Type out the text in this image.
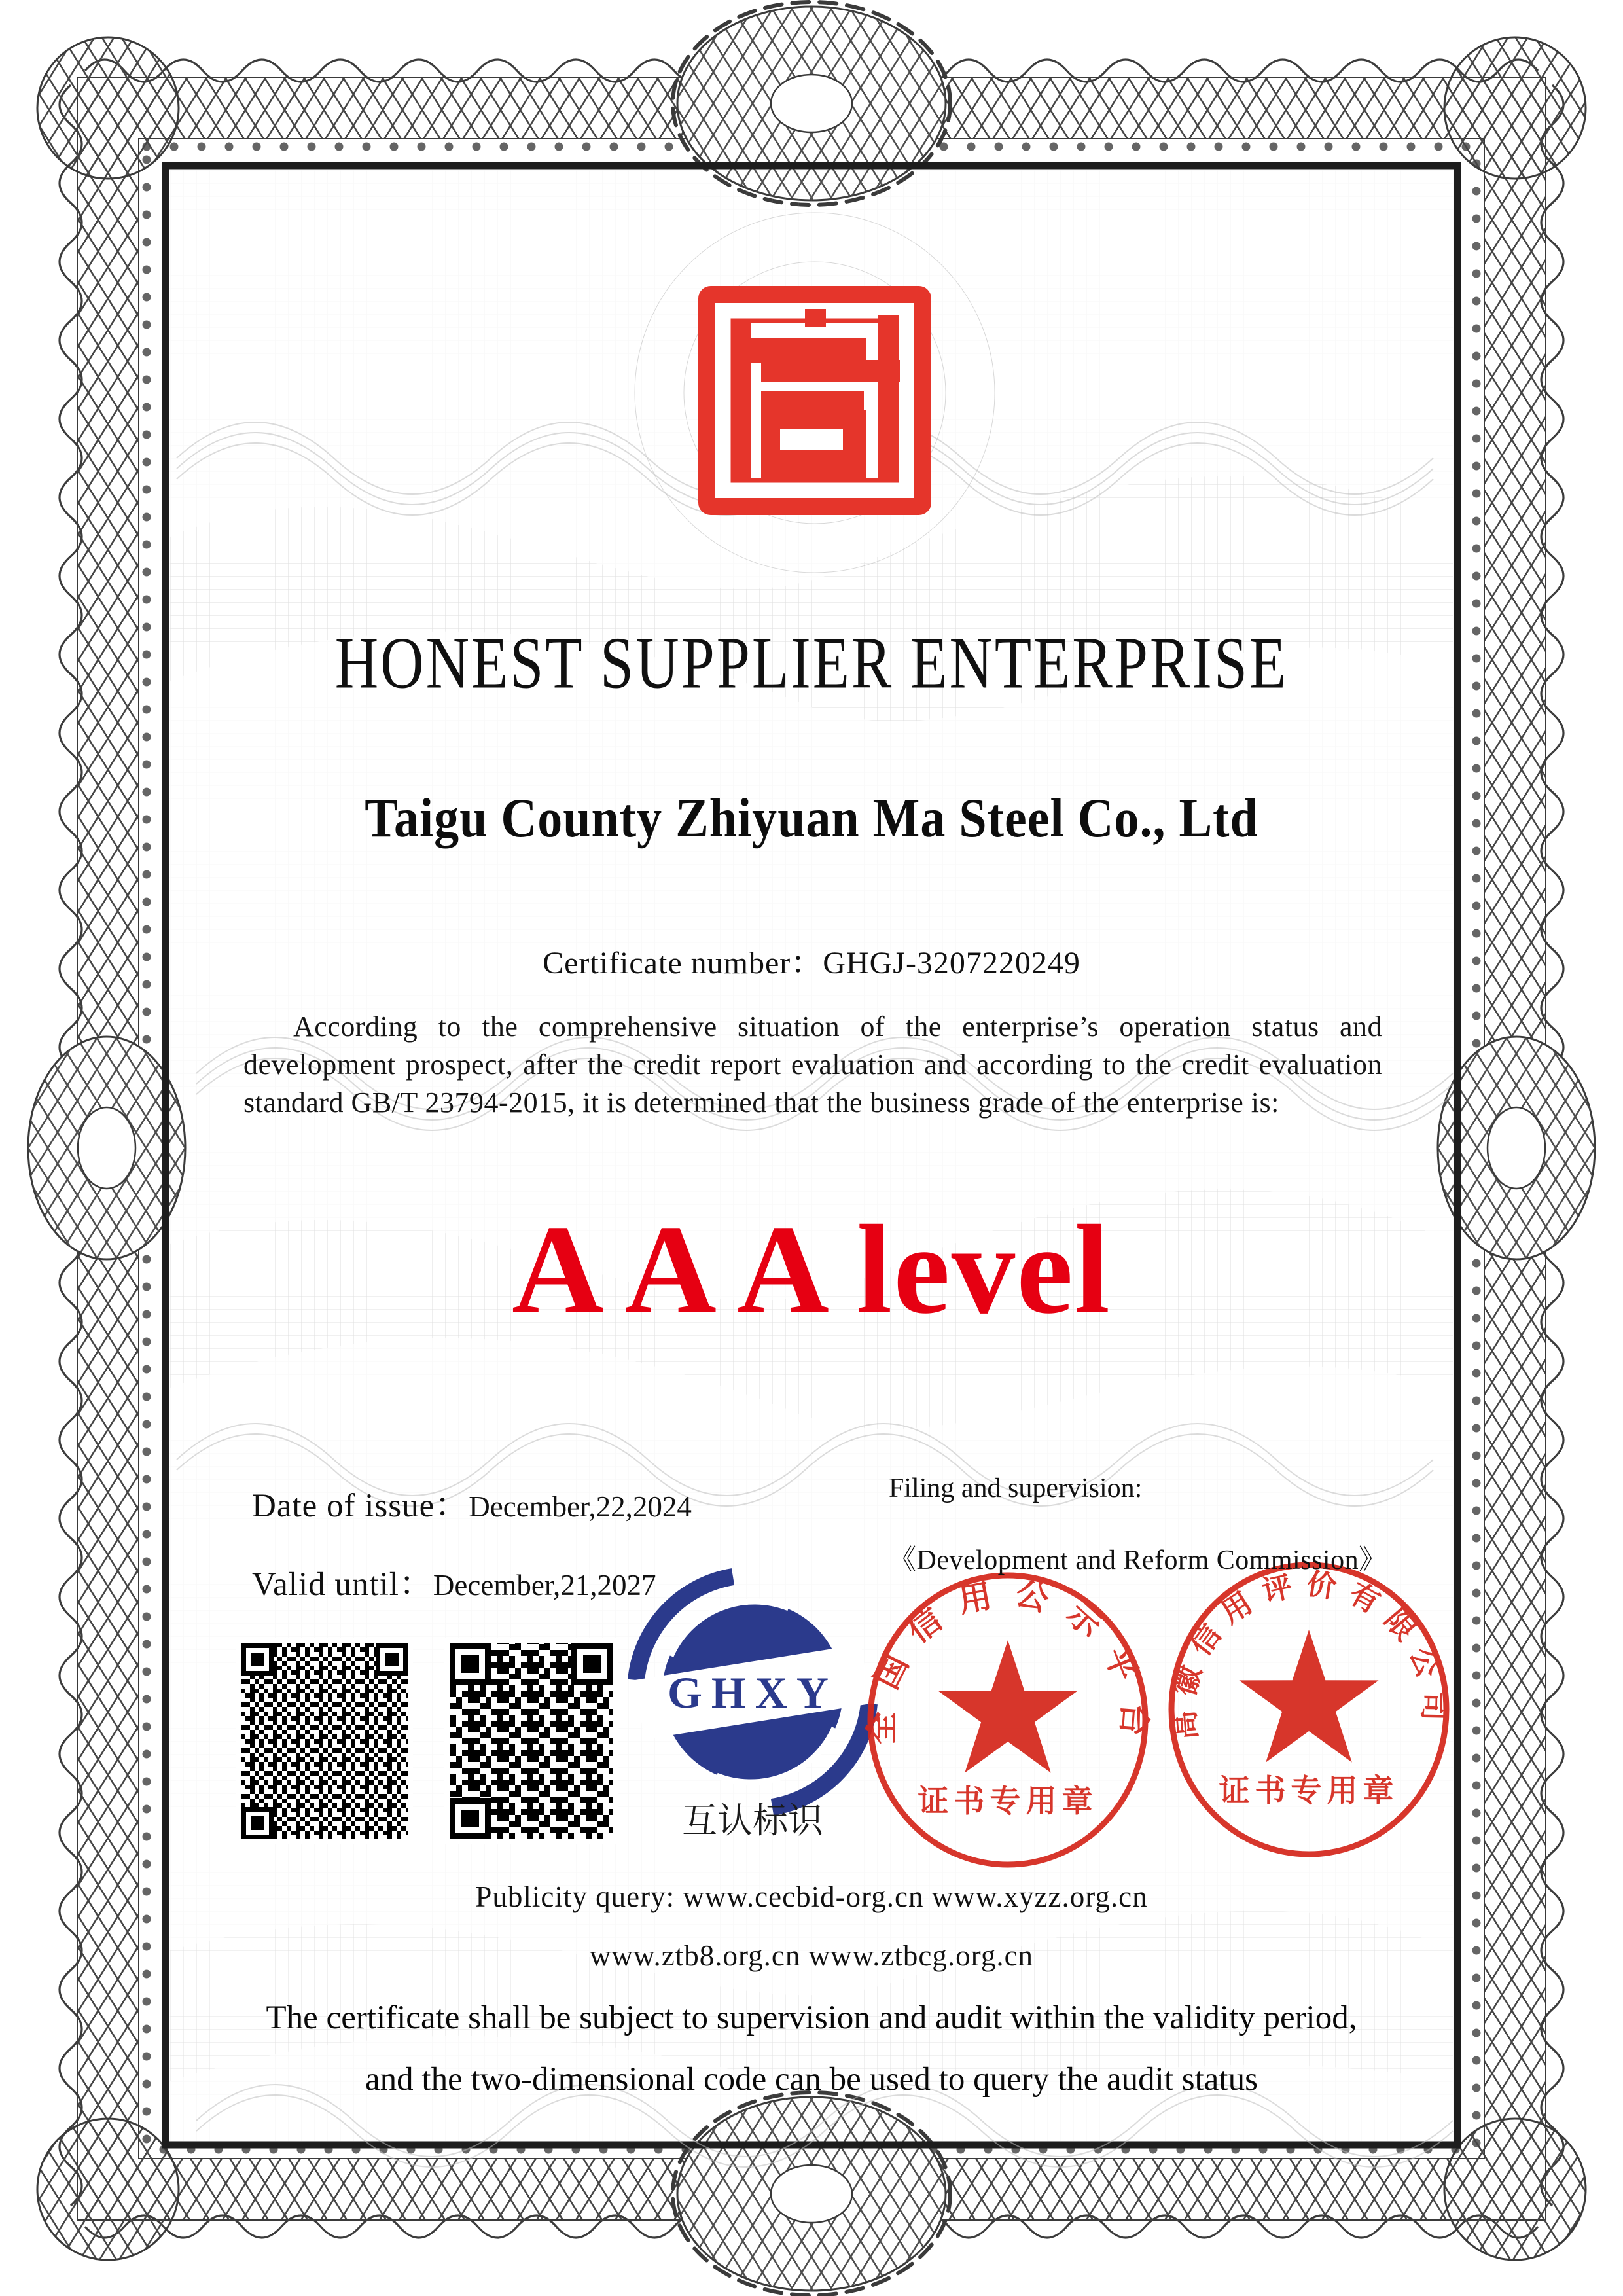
GHXY
互认标识
全国信用公示平台
证书专用章
高徽信用评价有限公司
证书专用章
HONEST SUPPLIER ENTERPRISE
Taigu County Zhiyuan Ma Steel Co., Ltd
Certificate number：GHGJ-3207220249
According to the comprehensive situation of the enterprise’s operation status and development prospect, after the credit report evaluation and according to the credit evaluation standard GB/T 23794-2015, it is determined that the business grade of the enterprise is:
A A A level
Date of issue：December,22,2024
Valid until：December,21,2027
Filing and supervision:
《Development and Reform Commission》
Publicity query: www.cecbid-org.cn www.xyzz.org.cn
www.ztb8.org.cn www.ztbcg.org.cn
The certificate shall be subject to supervision and audit within the validity period,
and the two-dimensional code can be used to query the audit status
